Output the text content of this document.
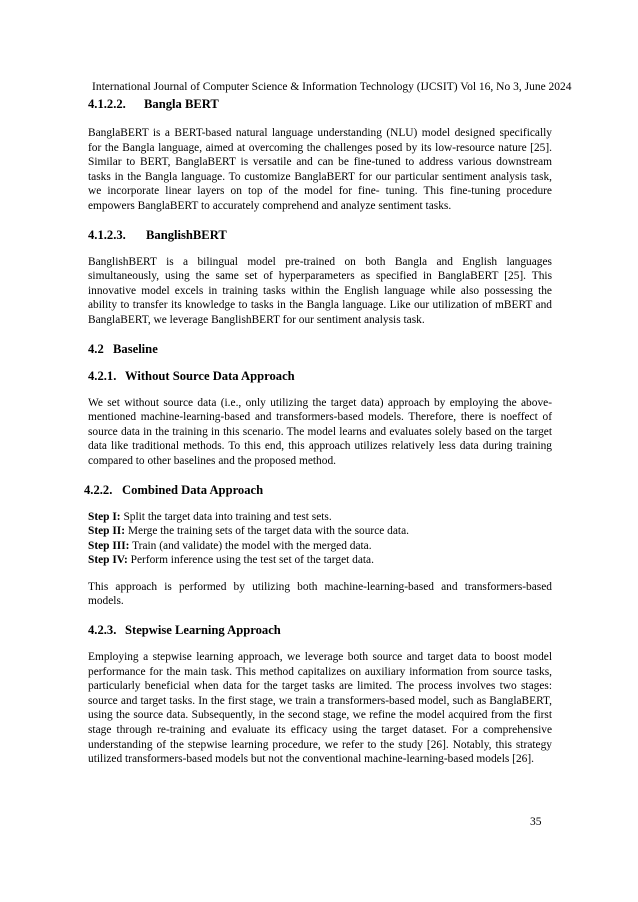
International Journal of Computer Science & Information Technology (IJCSIT) Vol 16, No 3, June 2024
4.1.2.2. Bangla BERT

BanglaBERT is a BERT-based natural language understanding (NLU) model designed specifically for the Bangla language, aimed at overcoming the challenges posed by its low-resource nature [25]. Similar to BERT, BanglaBERT is versatile and can be fine-tuned to address various downstream tasks in the Bangla language. To customize BanglaBERT for our particular sentiment analysis task, we incorporate linear layers on top of the model for fine- tuning. This fine-tuning procedure empowers BanglaBERT to accurately comprehend and analyze sentiment tasks.

4.1.2.3. BanglishBERT

BanglishBERT is a bilingual model pre-trained on both Bangla and English languages simultaneously, using the same set of hyperparameters as specified in BanglaBERT [25]. This innovative model excels in training tasks within the English language while also possessing the ability to transfer its knowledge to tasks in the Bangla language. Like our utilization of mBERT and BanglaBERT, we leverage BanglishBERT for our sentiment analysis task.

4.2 Baseline
4.2.1. Without Source Data Approach

We set without source data (i.e., only utilizing the target data) approach by employing the above-mentioned machine-learning-based and transformers-based models. Therefore, there is noeffect of source data in the training in this scenario. The model learns and evaluates solely based on the target data like traditional methods. To this end, this approach utilizes relatively less data during training compared to other baselines and the proposed method.

4.2.2. Combined Data Approach
Step I: Split the target data into training and test sets.
Step II: Merge the training sets of the target data with the source data.
Step III: Train (and validate) the model with the merged data.
Step IV: Perform inference using the test set of the target data.

This approach is performed by utilizing both machine-learning-based and transformers-based models.

4.2.3. Stepwise Learning Approach

Employing a stepwise learning approach, we leverage both source and target data to boost model performance for the main task. This method capitalizes on auxiliary information from source tasks, particularly beneficial when data for the target tasks are limited. The process involves two stages: source and target tasks. In the first stage, we train a transformers-based model, such as BanglaBERT, using the source data. Subsequently, in the second stage, we refine the model acquired from the first stage through re-training and evaluate its efficacy using the target dataset. For a comprehensive understanding of the stepwise learning procedure, we refer to the study [26]. Notably, this strategy utilized transformers-based models but not the conventional machine-learning-based models [26].

35
